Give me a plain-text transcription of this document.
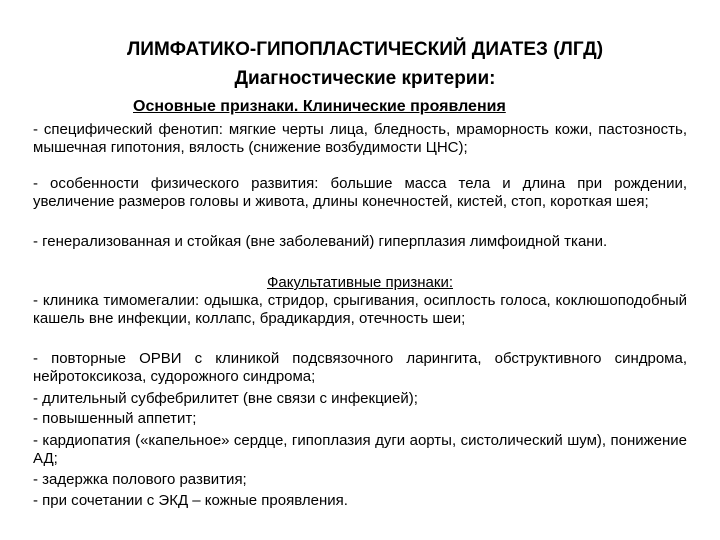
ЛИМФАТИКО-ГИПОПЛАСТИЧЕСКИЙ ДИАТЕЗ (ЛГД)
Диагностические критерии:
Основные признаки. Клинические проявления

- специфический фенотип: мягкие черты лица, бледность, мраморность кожи, пастозность, мышечная гипотония, вялость (снижение возбудимости ЦНС);

- особенности физического развития: большие масса тела и длина при рождении, увеличение размеров головы и живота, длины конечностей, кистей, стоп, короткая шея;

- генерализованная и стойкая (вне заболеваний) гиперплазия лимфоидной ткани.

Факультативные признаки:

- клиника тимомегалии: одышка, стридор, срыгивания, осиплость голоса, коклюшоподобный кашель вне инфекции, коллапс, брадикардия, отечность шеи;

- повторные ОРВИ с клиникой подсвязочного ларингита, обструктивного синдрома, нейротоксикоза, судорожного синдрома;

- длительный субфебрилитет (вне связи с инфекцией);

- повышенный аппетит;

- кардиопатия («капельное» сердце, гипоплазия дуги аорты, систолический шум), понижение АД;

- задержка полового развития;

- при сочетании с ЭКД – кожные проявления.
